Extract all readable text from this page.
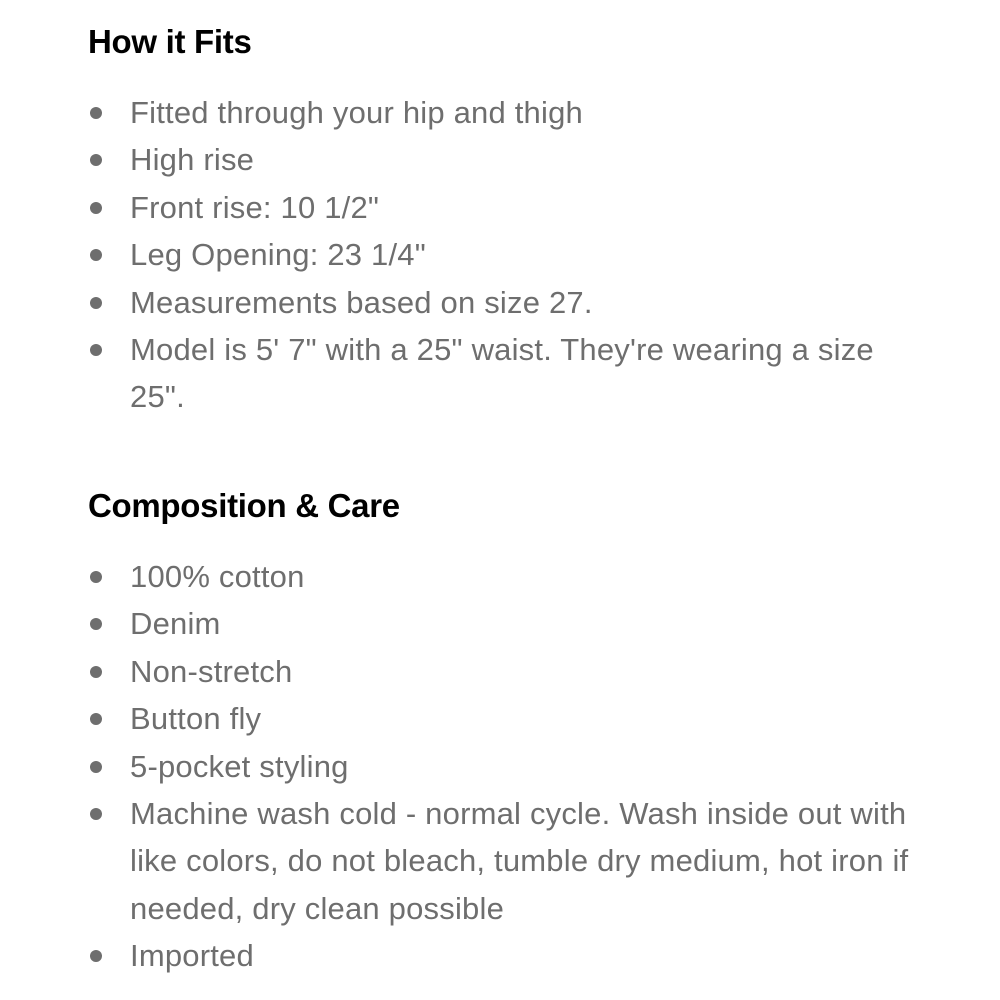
How it Fits
Fitted through your hip and thigh
High rise
Front rise: 10 1/2"
Leg Opening: 23 1/4"
Measurements based on size 27.
Model is 5' 7" with a 25" waist. They're wearing a size 25".
Composition & Care
100% cotton
Denim
Non-stretch
Button fly
5-pocket styling
Machine wash cold - normal cycle. Wash inside out with like colors, do not bleach, tumble dry medium, hot iron if needed, dry clean possible
Imported
